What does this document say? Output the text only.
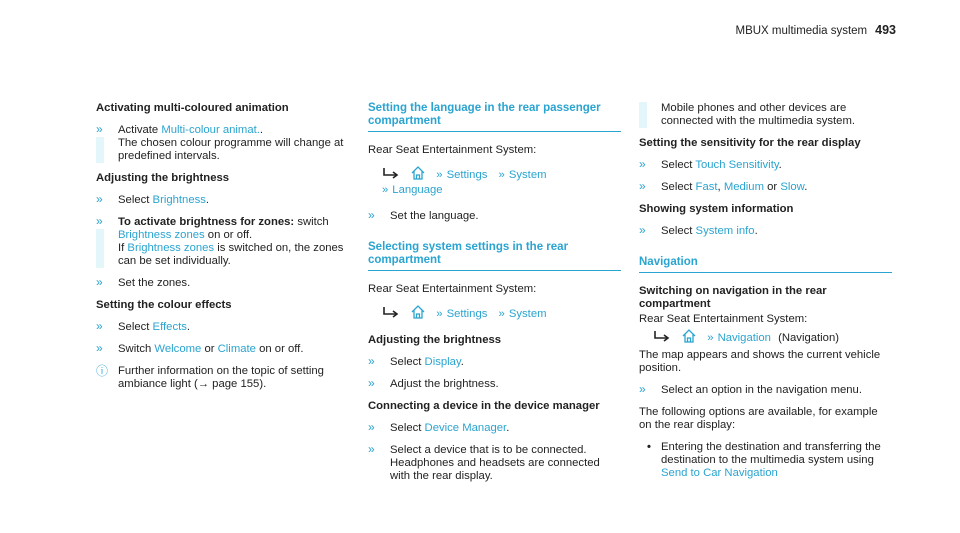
MBUX multimedia system 493
Activating multi-coloured animation
»	Activate Multi-colour animat..
The chosen colour programme will change at predefined intervals.
Adjusting the brightness
»	Select Brightness.
»	To activate brightness for zones: switch
Brightness zones on or off.
If Brightness zones is switched on, the zones can be set individually.
»	Set the zones.
Setting the colour effects
»	Select Effects.
»	Switch Welcome or Climate on or off.
ⓘ Further information on the topic of setting ambiance light (→ page 155).
Setting the language in the rear passenger compartment
Rear Seat Entertainment System:
» Settings » System
» Language
»	Set the language.
Selecting system settings in the rear compartment
Rear Seat Entertainment System:
» Settings » System
Adjusting the brightness
»	Select Display.
»	Adjust the brightness.
Connecting a device in the device manager
»	Select Device Manager.
»	Select a device that is to be connected. Headphones and headsets are connected with the rear display.
Mobile phones and other devices are connected with the multimedia system.
Setting the sensitivity for the rear display
»	Select Touch Sensitivity.
»	Select Fast, Medium or Slow.
Showing system information
»	Select System info.
Navigation
Switching on navigation in the rear compartment
Rear Seat Entertainment System:
» Navigation (Navigation)
The map appears and shows the current vehicle position.
»	Select an option in the navigation menu.
The following options are available, for example on the rear display:
• Entering the destination and transferring the destination to the multimedia system using
Send to Car Navigation
